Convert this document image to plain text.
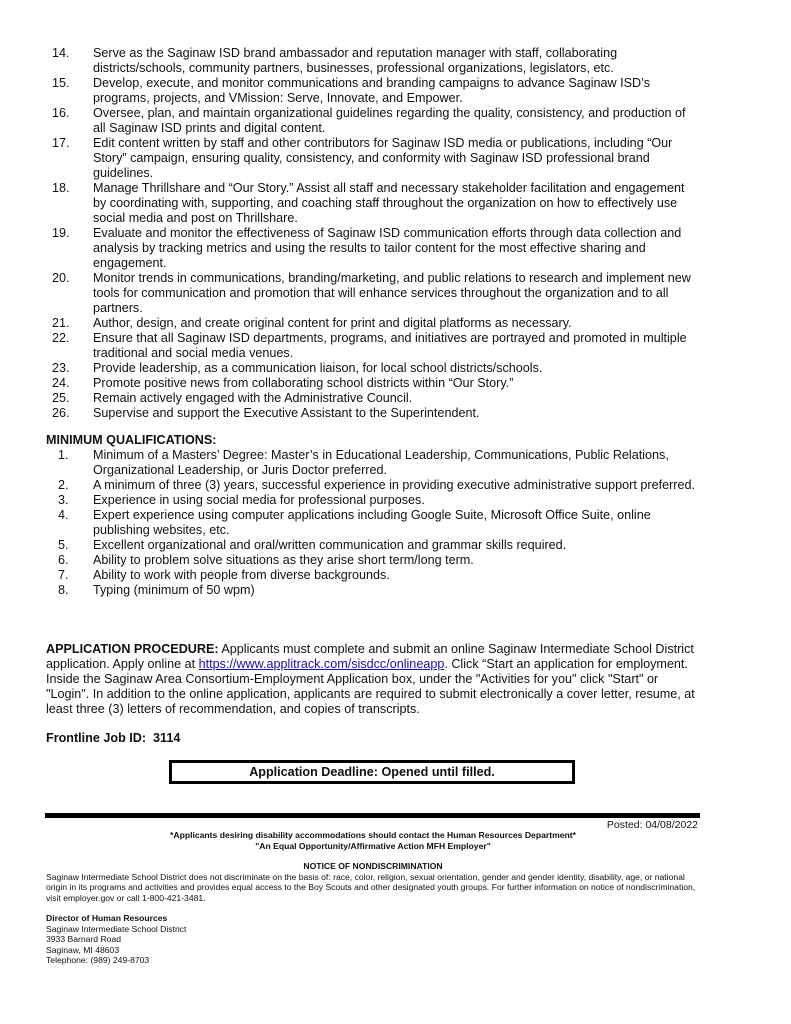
14. Serve as the Saginaw ISD brand ambassador and reputation manager with staff, collaborating districts/schools, community partners, businesses, professional organizations, legislators, etc.
15. Develop, execute, and monitor communications and branding campaigns to advance Saginaw ISD’s programs, projects, and VMission: Serve, Innovate, and Empower.
16. Oversee, plan, and maintain organizational guidelines regarding the quality, consistency, and production of all Saginaw ISD prints and digital content.
17. Edit content written by staff and other contributors for Saginaw ISD media or publications, including “Our Story” campaign, ensuring quality, consistency, and conformity with Saginaw ISD professional brand guidelines.
18. Manage Thrillshare and “Our Story.” Assist all staff and necessary stakeholder facilitation and engagement by coordinating with, supporting, and coaching staff throughout the organization on how to effectively use social media and post on Thrillshare.
19. Evaluate and monitor the effectiveness of Saginaw ISD communication efforts through data collection and analysis by tracking metrics and using the results to tailor content for the most effective sharing and engagement.
20. Monitor trends in communications, branding/marketing, and public relations to research and implement new tools for communication and promotion that will enhance services throughout the organization and to all partners.
21. Author, design, and create original content for print and digital platforms as necessary.
22. Ensure that all Saginaw ISD departments, programs, and initiatives are portrayed and promoted in multiple traditional and social media venues.
23. Provide leadership, as a communication liaison, for local school districts/schools.
24. Promote positive news from collaborating school districts within “Our Story.”
25. Remain actively engaged with the Administrative Council.
26. Supervise and support the Executive Assistant to the Superintendent.
MINIMUM QUALIFICATIONS:
1. Minimum of a Masters’ Degree: Master’s in Educational Leadership, Communications, Public Relations, Organizational Leadership, or Juris Doctor preferred.
2. A minimum of three (3) years, successful experience in providing executive administrative support preferred.
3. Experience in using social media for professional purposes.
4. Expert experience using computer applications including Google Suite, Microsoft Office Suite, online publishing websites, etc.
5. Excellent organizational and oral/written communication and grammar skills required.
6. Ability to problem solve situations as they arise short term/long term.
7. Ability to work with people from diverse backgrounds.
8. Typing (minimum of 50 wpm)
APPLICATION PROCEDURE: Applicants must complete and submit an online Saginaw Intermediate School District application. Apply online at https://www.applitrack.com/sisdcc/onlineapp. Click “Start an application for employment. Inside the Saginaw Area Consortium-Employment Application box, under the "Activities for you" click "Start" or "Login". In addition to the online application, applicants are required to submit electronically a cover letter, resume, at least three (3) letters of recommendation, and copies of transcripts.
Frontline Job ID: 3114
Application Deadline: Opened until filled.
Posted: 04/08/2022
*Applicants desiring disability accommodations should contact the Human Resources Department*
"An Equal Opportunity/Affirmative Action MFH Employer"
NOTICE OF NONDISCRIMINATION
Saginaw Intermediate School District does not discriminate on the basis of: race, color, religion, sexual orientation, gender and gender identity, disability, age, or national origin in its programs and activities and provides equal access to the Boy Scouts and other designated youth groups. For further information on notice of nondiscrimination, visit employer.gov or call 1-800-421-3481.
Director of Human Resources
Saginaw Intermediate School District
3933 Barnard Road
Saginaw, MI 48603
Telephone: (989) 249-8703
